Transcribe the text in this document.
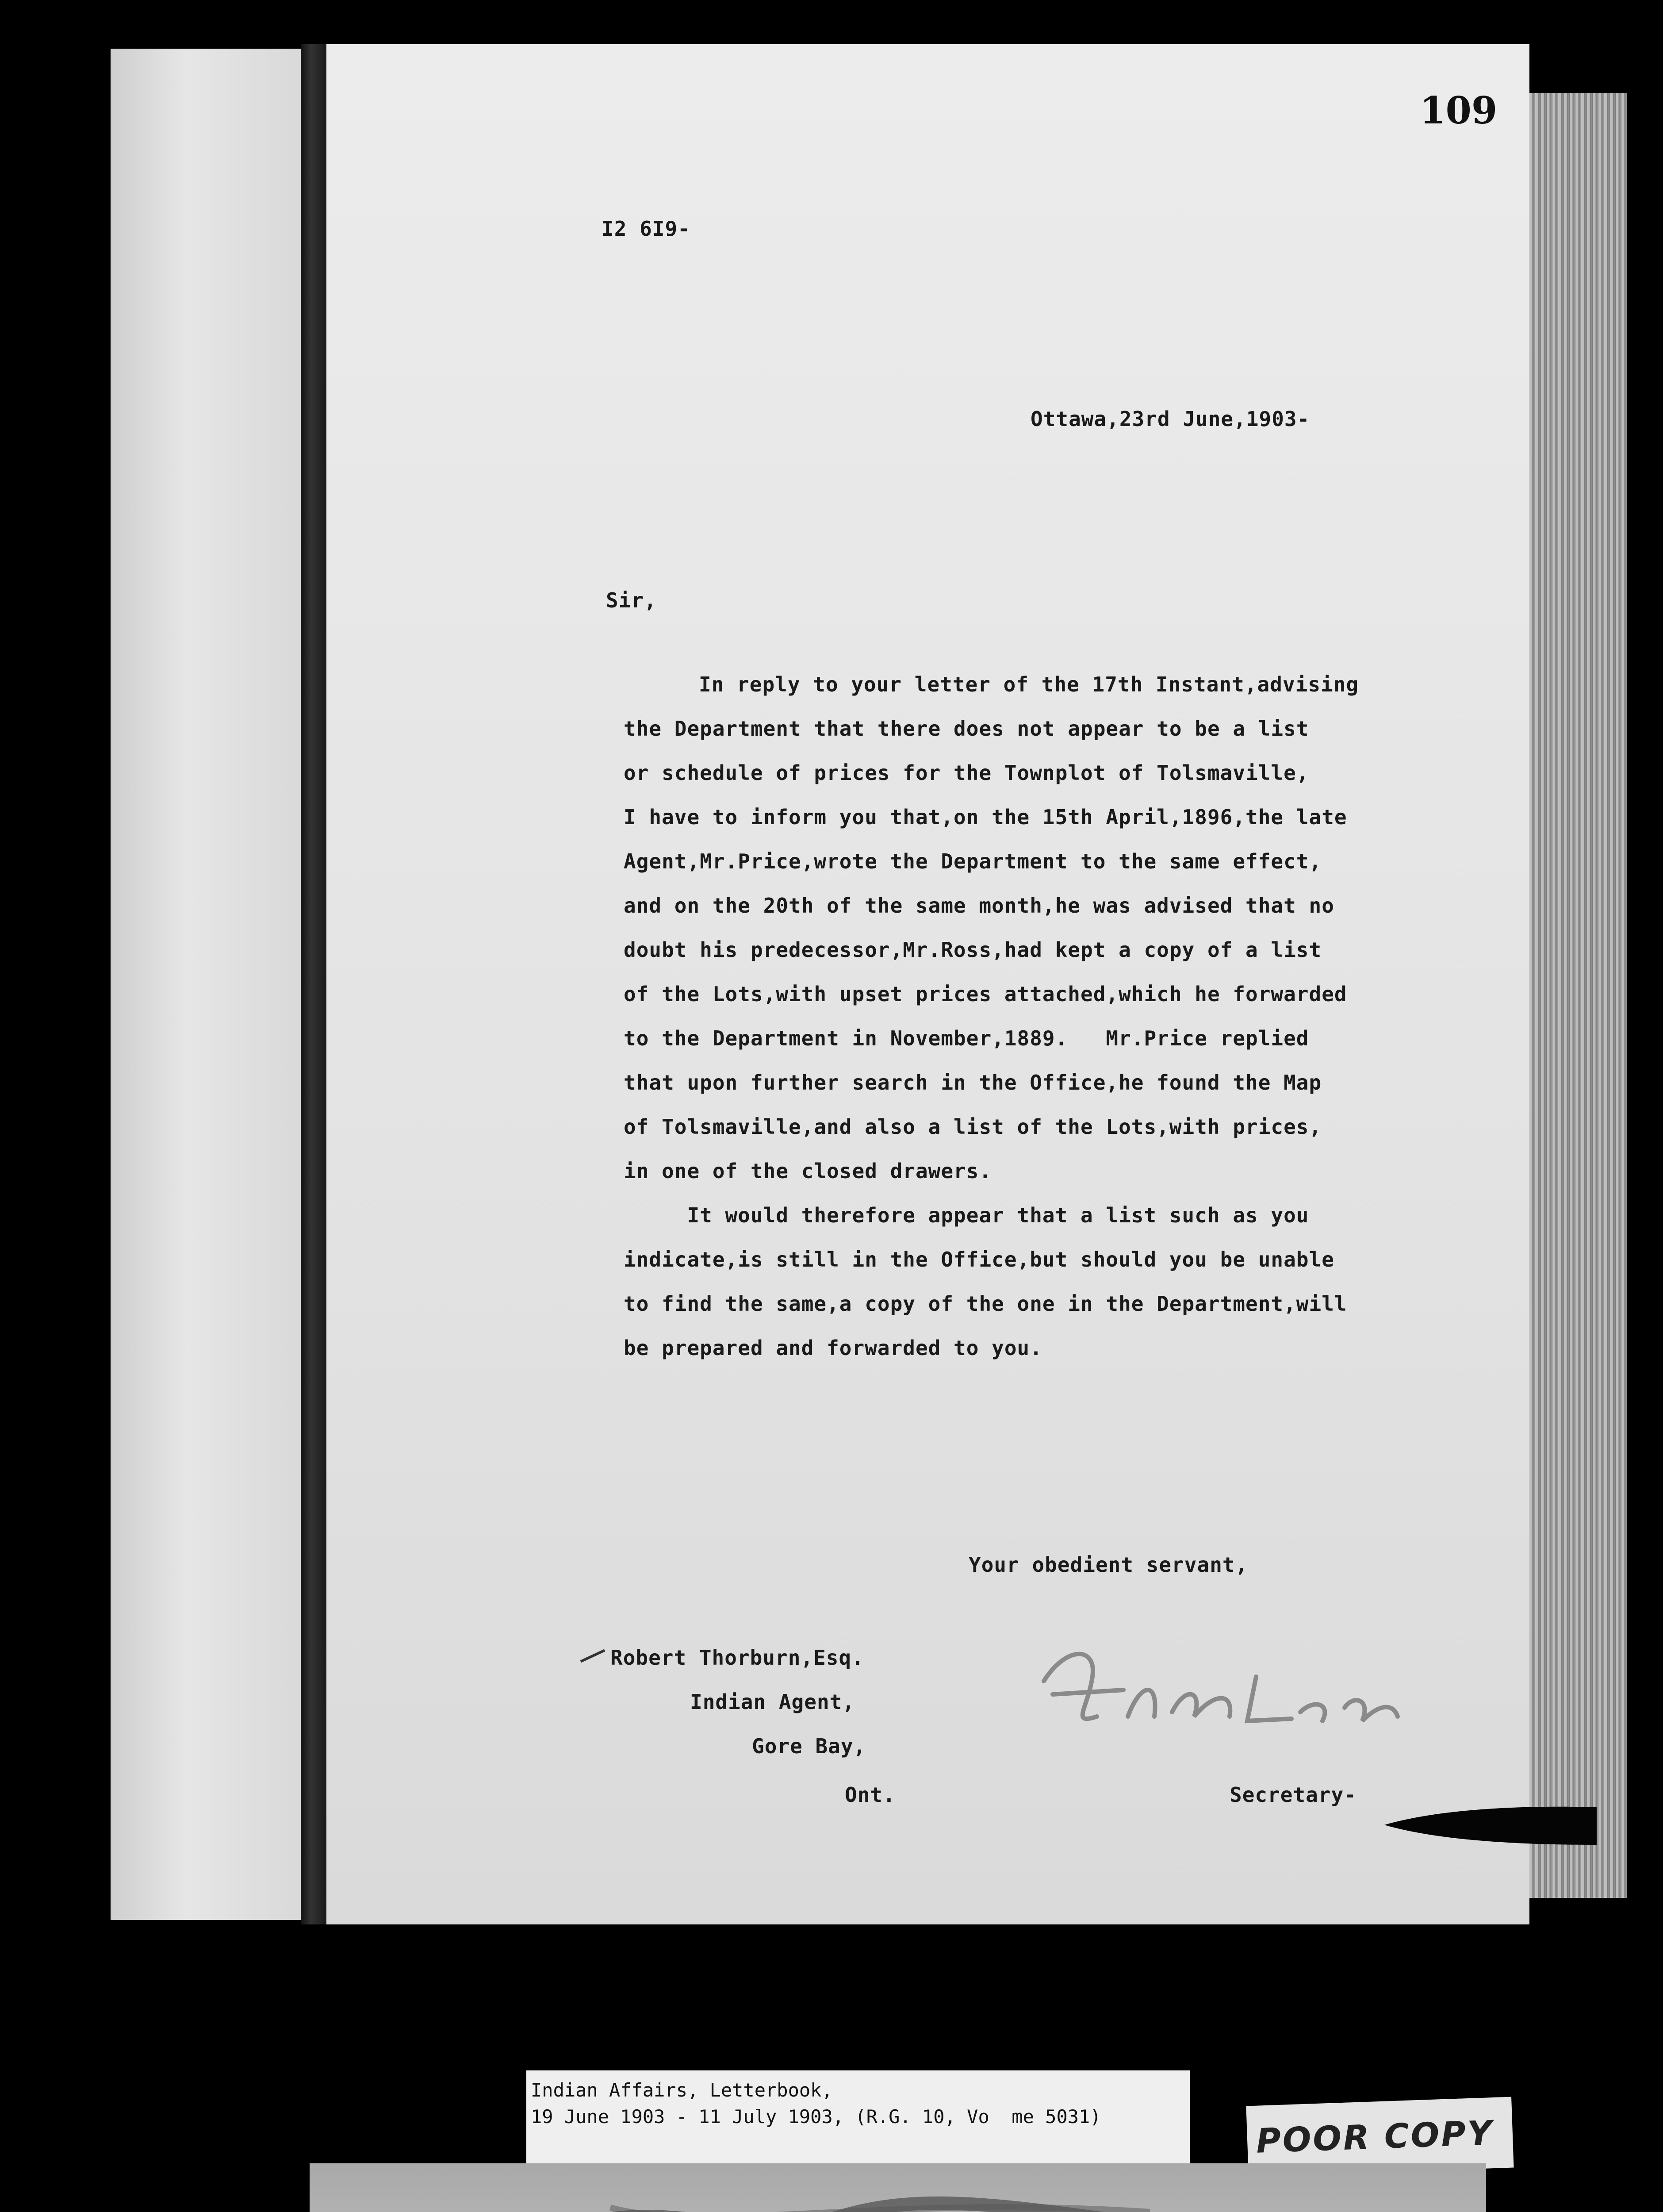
109
I2 6I9-
Ottawa,23rd June,1903-
Sir,
In reply to your letter of the 17th Instant,advising
the Department that there does not appear to be a list
or schedule of prices for the Townplot of Tolsmaville,
I have to inform you that,on the 15th April,1896,the late
Agent,Mr.Price,wrote the Department to the same effect,
and on the 20th of the same month,he was advised that no
doubt his predecessor,Mr.Ross,had kept a copy of a list
of the Lots,with upset prices attached,which he forwarded
to the Department in November,1889.   Mr.Price replied
that upon further search in the Office,he found the Map
of Tolsmaville,and also a list of the Lots,with prices,
in one of the closed drawers.
It would therefore appear that a list such as you
indicate,is still in the Office,but should you be unable
to find the same,a copy of the one in the Department,will
be prepared and forwarded to you.
Your obedient servant,
Robert Thorburn,Esq.
Indian Agent,
Gore Bay,
Ont.	Secretary-
Indian Affairs, Letterbook,
19 June 1903 - 11 July 1903, (R.G. 10, Vo  me 5031)	POOR COPY
